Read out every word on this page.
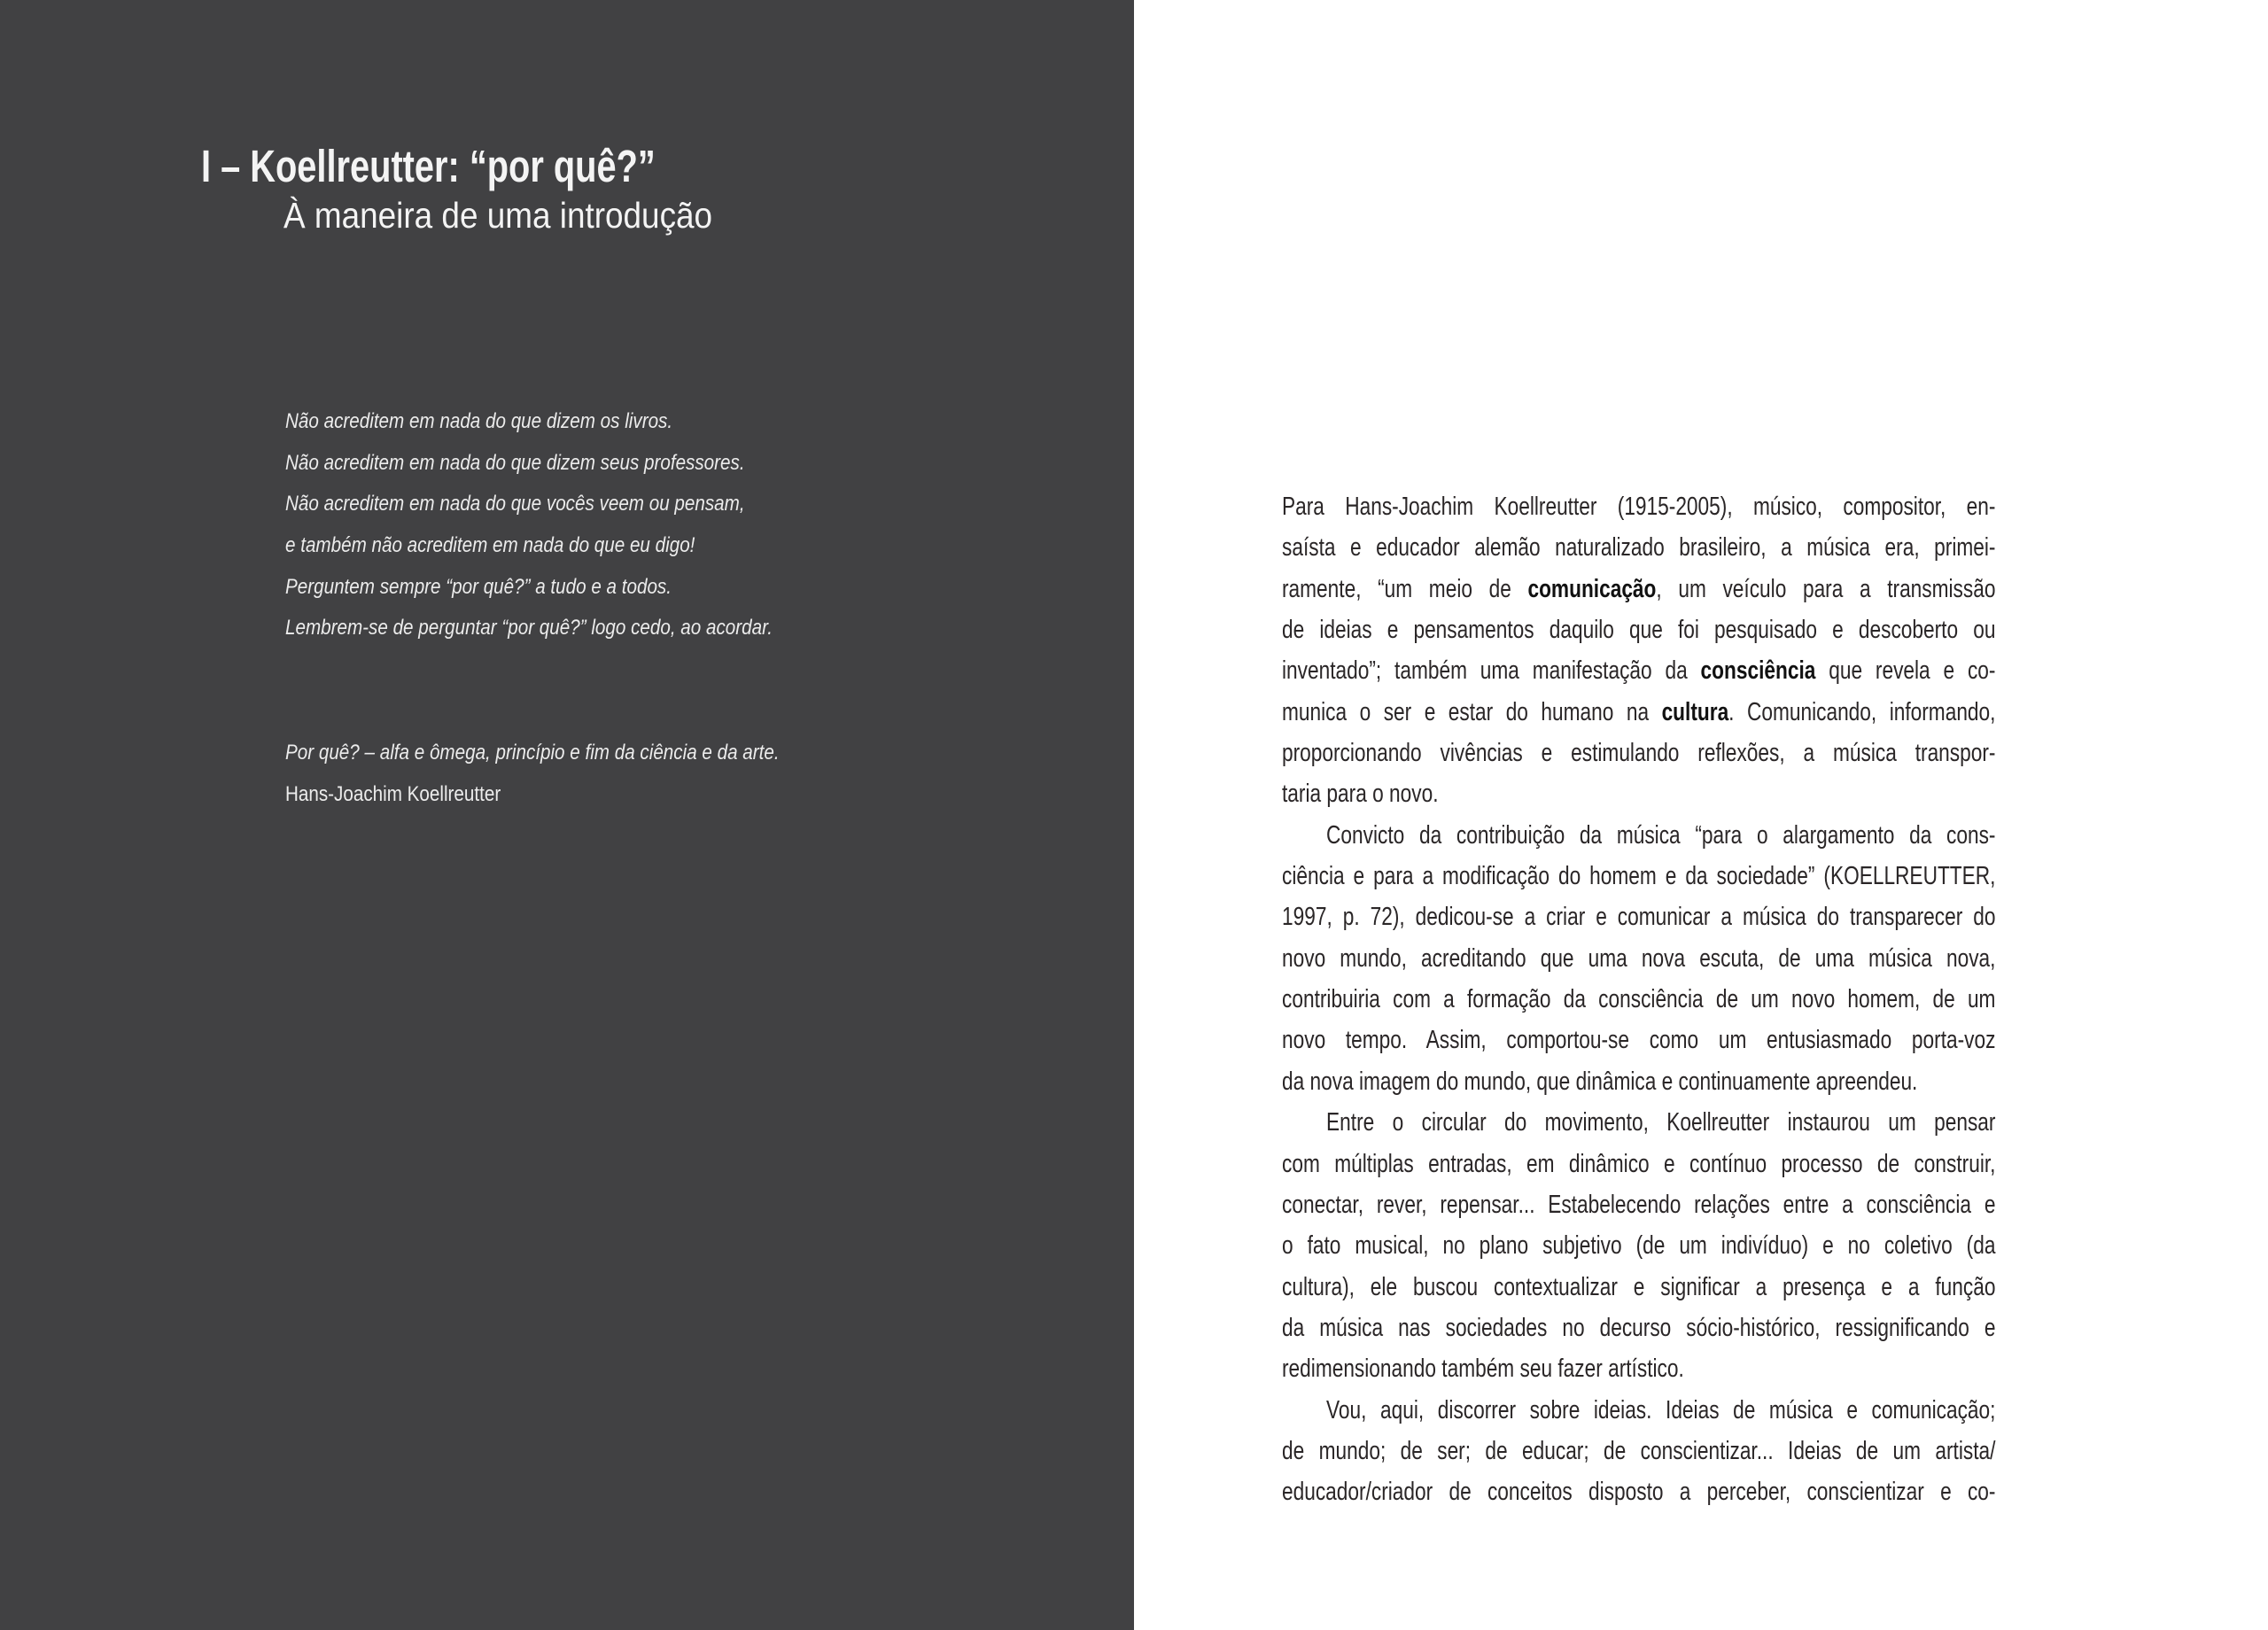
I – Koellreutter: “por quê?”
À maneira de uma introdução
Não acreditem em nada do que dizem os livros.
Não acreditem em nada do que dizem seus professores.
Não acreditem em nada do que vocês veem ou pensam,
e também não acreditem em nada do que eu digo!
Perguntem sempre “por quê?” a tudo e a todos.
Lembrem-se de perguntar “por quê?” logo cedo, ao acordar.
Por quê? – alfa e ômega, princípio e fim da ciência e da arte.
Hans-Joachim Koellreutter
Para Hans-Joachim Koellreutter (1915-2005), músico, compositor, en-
saísta e educador alemão naturalizado brasileiro, a música era, primei-
ramente, “um meio de comunicação, um veículo para a transmissão
de ideias e pensamentos daquilo que foi pesquisado e descoberto ou
inventado”; também uma manifestação da consciência que revela e co-
munica o ser e estar do humano na cultura. Comunicando, informando,
proporcionando vivências e estimulando reflexões, a música transpor-
taria para o novo.
Convicto da contribuição da música “para o alargamento da cons-
ciência e para a modificação do homem e da sociedade” (KOELLREUTTER,
1997, p. 72), dedicou-se a criar e comunicar a música do transparecer do
novo mundo, acreditando que uma nova escuta, de uma música nova,
contribuiria com a formação da consciência de um novo homem, de um
novo tempo. Assim, comportou-se como um entusiasmado porta-voz
da nova imagem do mundo, que dinâmica e continuamente apreendeu.
Entre o circular do movimento, Koellreutter instaurou um pensar
com múltiplas entradas, em dinâmico e contínuo processo de construir,
conectar, rever, repensar... Estabelecendo relações entre a consciência e
o fato musical, no plano subjetivo (de um indivíduo) e no coletivo (da
cultura), ele buscou contextualizar e significar a presença e a função
da música nas sociedades no decurso sócio-histórico, ressignificando e
redimensionando também seu fazer artístico.
Vou, aqui, discorrer sobre ideias. Ideias de música e comunicação;
de mundo; de ser; de educar; de conscientizar... Ideias de um artista/
educador/criador de conceitos disposto a perceber, conscientizar e co-
